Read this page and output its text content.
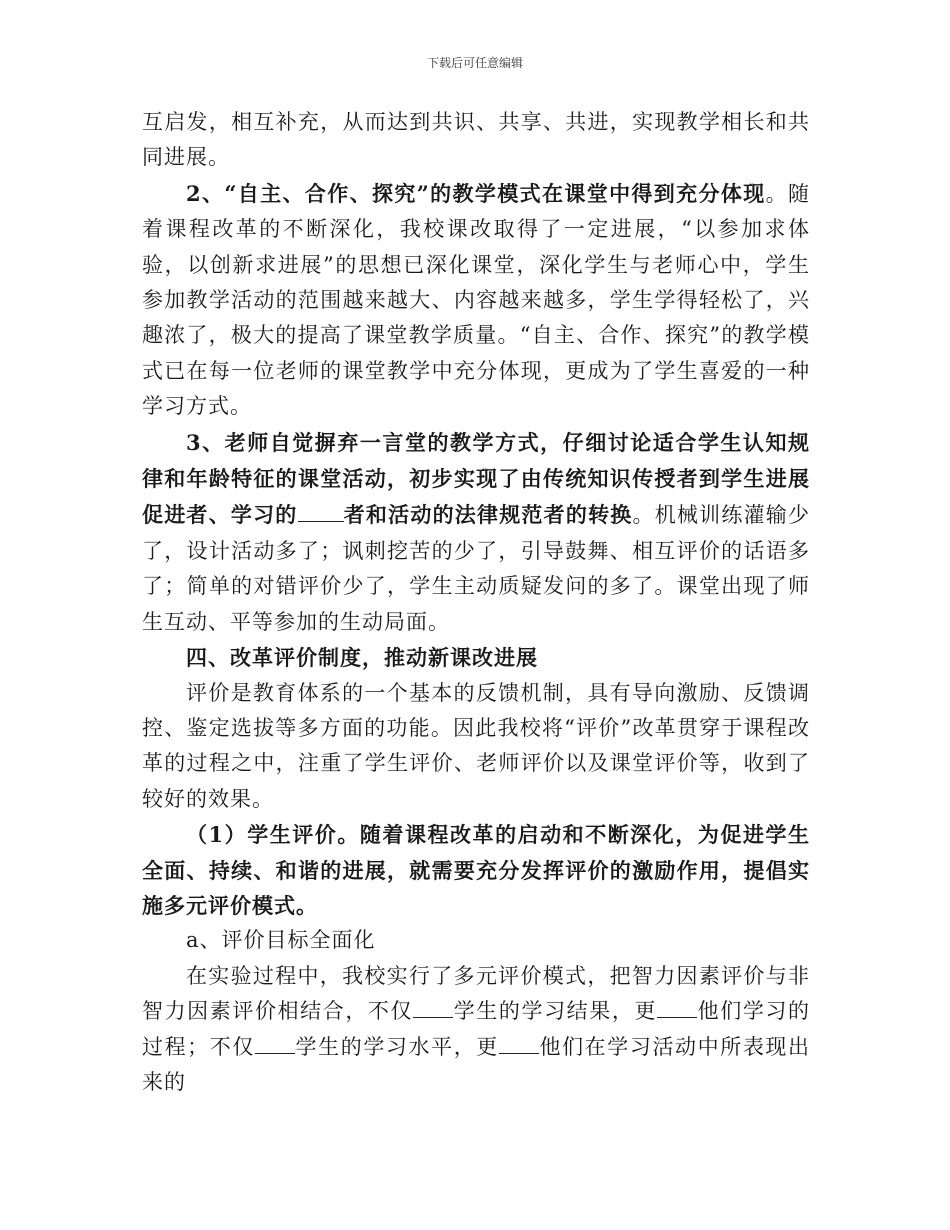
下载后可任意编辑

互启发，相互补充，从而达到共识、共享、共进，实现教学相长和共同进展。

2、“自主、合作、探究”的教学模式在课堂中得到充分体现。随着课程改革的不断深化，我校课改取得了一定进展，“以参加求体验，以创新求进展”的思想已深化课堂，深化学生与老师心中，学生参加教学活动的范围越来越大、内容越来越多，学生学得轻松了，兴趣浓了，极大的提高了课堂教学质量。“自主、合作、探究”的教学模式已在每一位老师的课堂教学中充分体现，更成为了学生喜爱的一种学习方式。

3、老师自觉摒弃一言堂的教学方式，仔细讨论适合学生认知规律和年龄特征的课堂活动，初步实现了由传统知识传授者到学生进展促进者、学习的 者和活动的法律规范者的转换。机械训练灌输少了，设计活动多了；讽刺挖苦的少了，引导鼓舞、相互评价的话语多了；简单的对错评价少了，学生主动质疑发问的多了。课堂出现了师生互动、平等参加的生动局面。

四、改革评价制度，推动新课改进展

评价是教育体系的一个基本的反馈机制，具有导向激励、反馈调控、鉴定选拔等多方面的功能。因此我校将“评价”改革贯穿于课程改革的过程之中，注重了学生评价、老师评价以及课堂评价等，收到了较好的效果。

（1）学生评价。随着课程改革的启动和不断深化，为促进学生全面、持续、和谐的进展，就需要充分发挥评价的激励作用，提倡实施多元评价模式。

a、评价目标全面化

在实验过程中，我校实行了多元评价模式，把智力因素评价与非智力因素评价相结合，不仅 学生的学习结果，更 他们学习的过程；不仅 学生的学习水平，更 他们在学习活动中所表现出来的
